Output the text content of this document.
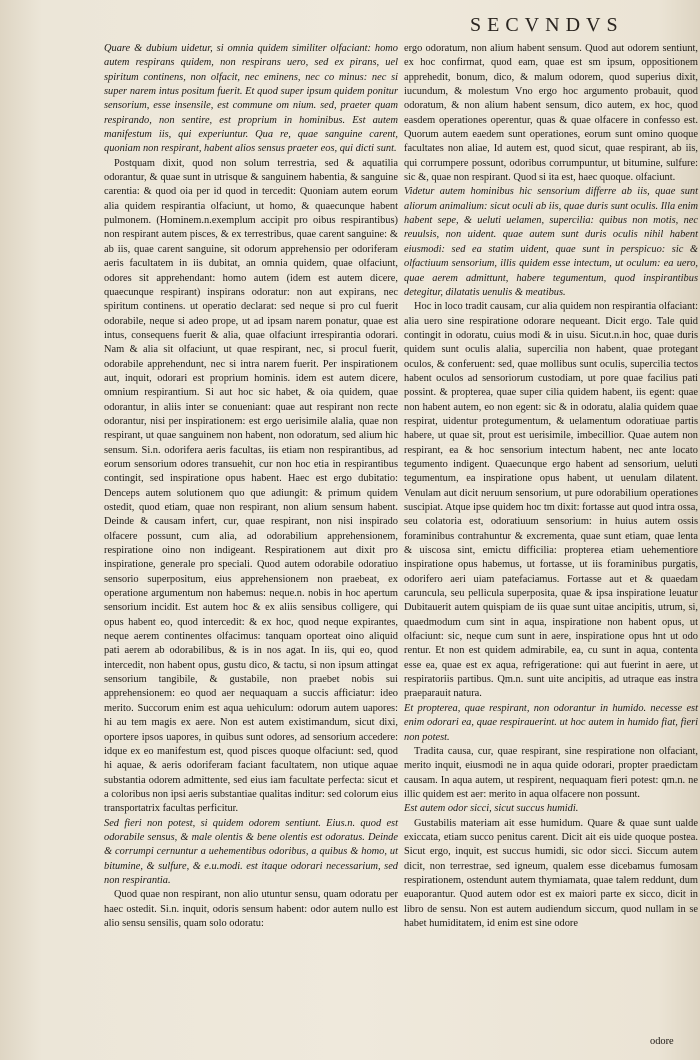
SECVNDVS

Quare & dubium uidetur, si omnia quidem similiter olfaciant: homo autem respirans quidem, non respirans uero, sed ex pirans, uel spiritum continens, non olfacit, nec eminens, nec co minus: nec si super narem intus positum fuerit. Et quod super ipsum quidem ponitur sensorium, esse insensile, est commune om nium. sed, praeter quam respirando, non sentire, est proprium in hominibus. Est autem manifestum iis, qui experiuntur. Qua re, quae sanguine carent, quoniam non respirant, habent alios sensus praeter eos, qui dicti sunt.

Postquam dixit, quod non solum terrestria, sed & aquatilia odorantur, & quae sunt in utrisque & sanguinem habentia, & sanguine carentia: & quod oia per id quod in tercedit: Quoniam autem eorum alia quidem respirantia olfaciunt, ut homo, & quaecunque habent pulmonem. (Hominem.n.exemplum accipit pro oibus respirantibus) non respirant autem pisces, & ex terrestribus, quae carent sanguine: & ab iis, quae carent sanguine, sit odorum apprehensio per odoriferam aeris facultatem in iis dubitat, an omnia quidem, quae olfaciunt, odores sit apprehendant: homo autem (idem est autem dicere, quaecunque respirant) inspirans odoratur: non aut expirans, nec spiritum continens. ut operatio declarat: sed neque si pro cul fuerit odorabile, neque si adeo prope, ut ad ipsam narem ponatur, quae est intus, consequens fuerit & alia, quae olfaciunt irrespirantia odorari. Nam & alia sit olfaciunt, ut quae respirant, nec, si procul fuerit, odorabile apprehendunt, nec si intra narem fuerit. Per inspirationem aut, inquit, odorari est proprium hominis. idem est autem dicere, omnium respirantium. Si aut hoc sic habet, & oia quidem, quae odorantur, in aliis inter se conueniant: quae aut respirant non recte odorantur, nisi per inspirationem: est ergo uerisimile alalia, quae non respirant, ut quae sanguinem non habent, non odoratum, sed alium hic sensum. Si.n. odorifera aeris facultas, iis etiam non respirantibus, ad eorum sensorium odores transuehit, cur non hoc etia in respirantibus contingit, sed inspiratione opus habent. Haec est ergo dubitatio: Denceps autem solutionem quo que adiungit: & primum quidem ostedit, quod etiam, quae non respirant, non alium sensum habent. Deinde & causam infert, cur, quae respirant, non nisi inspirado olfacere possunt, cum alia, ad odorabilium apprehensionem, respiratione oino non indigeant. Respirationem aut dixit pro inspiratione, generale pro speciali. Quod autem odorabile odoratiuo sensorio superpositum, eius apprehensionem non praebeat, ex operatione argumentum non habemus: neque.n. nobis in hoc apertum sensorium incidit. Est autem hoc & ex aliis sensibus colligere, qui opus habent eo, quod intercedit: & ex hoc, quod neque expirantes, neque aerem continentes olfacimus: tanquam oporteat oino aliquid pati aerem ab odorabilibus, & is in nos agat. In iis, qui eo, quod intercedit, non habent opus, gustu dico, & tactu, si non ipsum attingat sensorium tangibile, & gustabile, non praebet nobis sui apprehensionem: eo quod aer nequaquam a succis afficiatur: ideo merito. Succorum enim est aqua uehiculum: odorum autem uapores: hi au tem magis ex aere. Non est autem existimandum, sicut dixi, oportere ipsos uapores, in quibus sunt odores, ad sensorium accedere: idque ex eo manifestum est, quod pisces quoque olfaciunt: sed, quod hi aquae, & aeris odoriferam faciant facultatem, non utique aquae substantia odorem admittente, sed eius iam facultate perfecta: sicut et a coloribus non ipsi aeris substantiae qualitas inditur: sed colorum eius transportatrix facultas perficitur.

Sed fieri non potest, si quidem odorem sentiunt. Eius.n. quod est odorabile sensus, & male olentis & bene olentis est odoratus. Deinde & corrumpi cernuntur a uehementibus odoribus, a quibus & homo, ut bitumine, & sulfure, & e.u.modi. est itaque odorari necessarium, sed non respirantia.

Quod quae non respirant, non alio utuntur sensu, quam odoratu per haec ostedit. Si.n. inquit, odoris sensum habent: odor autem nullo est alio sensu sensilis, quam solo odoratu:

ergo odoratum, non alium habent sensum. Quod aut odorem sentiunt, ex hoc confirmat, quod eam, quae est sm ipsum, oppositionem apprehedit, bonum, dico, & malum odorem, quod superius dixit, iucundum, & molestum Vno ergo hoc argumento probauit, quod odoratum, & non alium habent sensum, dico autem, ex hoc, quod easdem operationes operentur, quas & quae olfacere in confesso est. Quorum autem eaedem sunt operationes, eorum sunt omino quoque facultates non aliae, Id autem est, quod sicut, quae respirant, ab iis, qui corrumpere possunt, odoribus corrumpuntur, ut bitumine, sulfure: sic &, quae non respirant. Quod si ita est, haec quoque. olfaciunt.

Videtur autem hominibus hic sensorium differre ab iis, quae sunt aliorum animalium: sicut oculi ab iis, quae duris sunt oculis. Illa enim habent sepe, & ueluti uelamen, supercilia: quibus non motis, nec reuulsis, non uident. quae autem sunt duris oculis nihil habent eiusmodi: sed ea statim uident, quae sunt in perspicuo: sic & olfactiuum sensorium, illis quidem esse intectum, ut oculum: ea uero, quae aerem admittunt, habere tegumentum, quod inspirantibus detegitur, dilatatis uenulis & meatibus.

Hoc in loco tradit causam, cur alia quidem non respirantia olfaciant: alia uero sine respiratione odorare nequeant. Dicit ergo. Tale quid contingit in odoratu, cuius modi & in uisu. Sicut.n.in hoc, quae duris quidem sunt oculis alalia, supercilia non habent, quae protegant oculos, & conferuent: sed, quae mollibus sunt oculis, supercilia tectos habent oculos ad sensoriorum custodiam, ut pore quae facilius pati possint. & propterea, quae super cilia quidem habent, iis egent: quae non habent autem, eo non egent: sic & in odoratu, alalia quidem quae respirat, uidentur protegumentum, & uelamentum odoratiuae partis habere, ut quae sit, prout est uerisimile, imbecillior. Quae autem non respirant, ea & hoc sensorium intectum habent, nec ante locato tegumento indigent. Quaecunque ergo habent ad sensorium, ueluti tegumentum, ea inspiratione opus habent, ut uenulam dilatent. Venulam aut dicit neruum sensorium, ut pure odorabilium operationes suscipiat. Atque ipse quidem hoc tm dixit: fortasse aut quod intra ossa, seu colatoria est, odoratiuum sensorium: in huius autem ossis foraminibus contrahuntur & excrementa, quae sunt etiam, quae lenta & uiscosa sint, emictu difficilia: propterea etiam uehementiore inspiratione opus habemus, ut fortasse, ut iis foraminibus purgatis, odorifero aeri uiam patefaciamus. Fortasse aut et & quaedam caruncula, seu pellicula superposita, quae & ipsa inspiratione leuatur Dubitauerit autem quispiam de iis quae sunt uitae ancipitis, utrum, si, quaedmodum cum sint in aqua, inspiratione non habent opus, ut olfaciunt: sic, neque cum sunt in aere, inspiratione opus hnt ut odo rentur. Et non est quidem admirabile, ea, cu sunt in aqua, contenta esse ea, quae est ex aqua, refrigeratione: qui aut fuerint in aere, ut respiratoriis partibus. Qm.n. sunt uite ancipitis, ad utraque eas instra praeparauit natura.

Et propterea, quae respirant, non odorantur in humido. necesse est enim odorari ea, quae respirauerint. ut hoc autem in humido fiat, fieri non potest.

Tradita causa, cur, quae respirant, sine respiratione non olfaciant, merito inquit, eiusmodi ne in aqua quide odorari, propter praedictam causam. In aqua autem, ut respirent, nequaquam fieri potest: qm.n. ne illic quidem est aer: merito in aqua olfacere non possunt.

Est autem odor sicci, sicut succus humidi.

Gustabilis materiam ait esse humidum. Quare & quae sunt ualde exiccata, etiam succo penitus carent. Dicit ait eis uide quoque postea. Sicut ergo, inquit, est succus humidi, sic odor sicci. Siccum autem dicit, non terrestrae, sed igneum, qualem esse dicebamus fumosam respirationem, ostendunt autem thymiamata, quae talem reddunt, dum euaporantur. Quod autem odor est ex maiori parte ex sicco, dicit in libro de sensu. Non est autem audiendum siccum, quod nullam in se habet humiditatem, id enim est sine odore

odore
